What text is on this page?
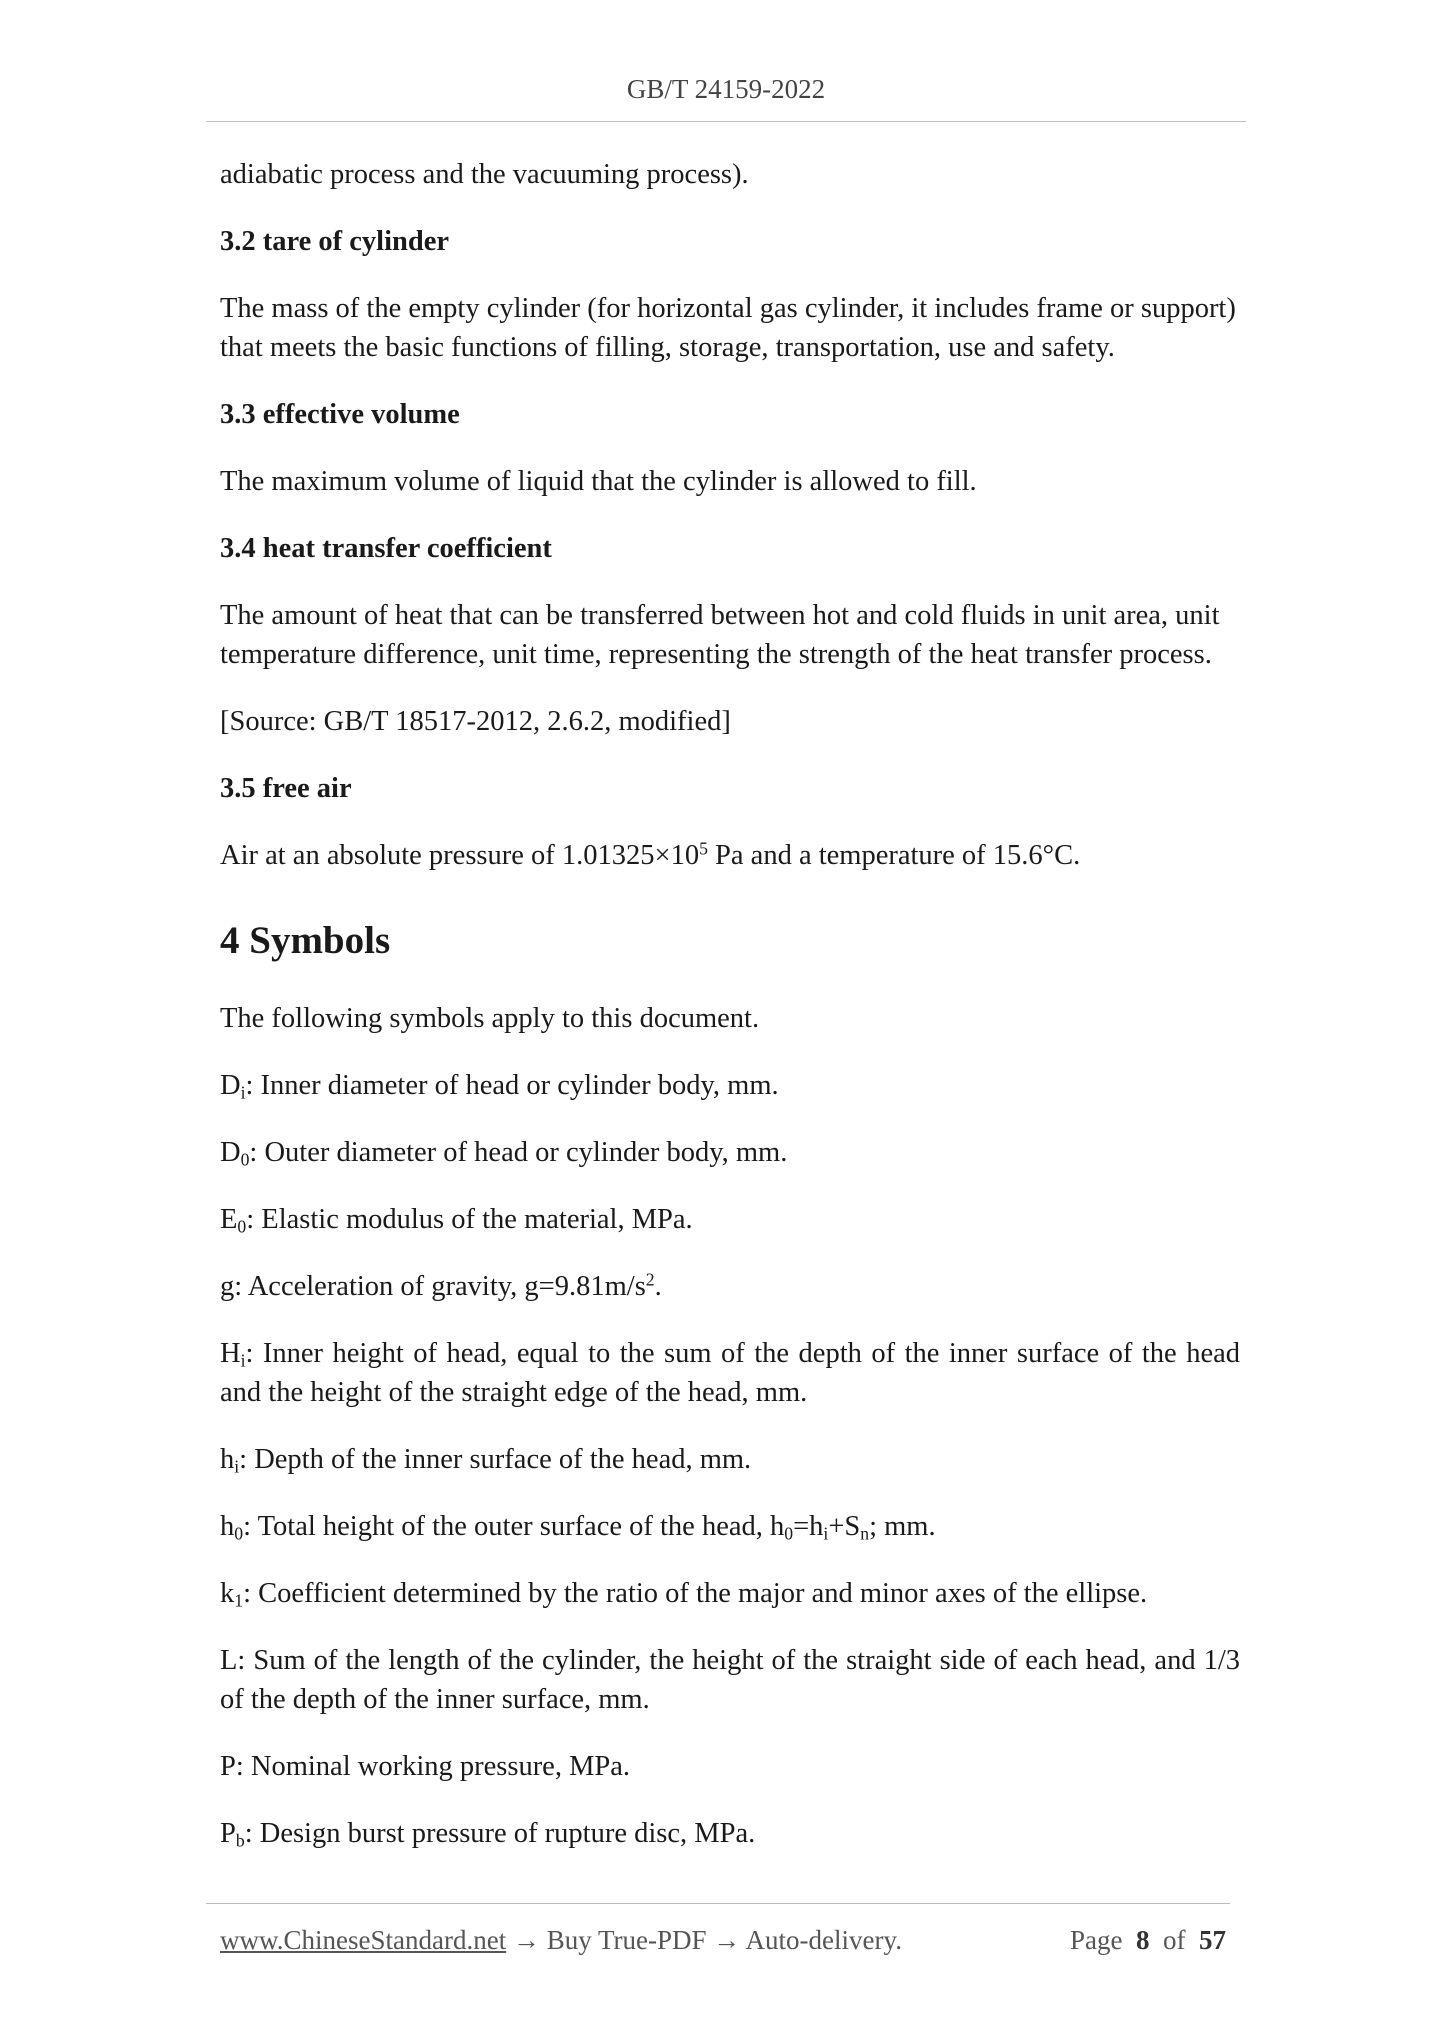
GB/T 24159-2022

adiabatic process and the vacuuming process).

3.2 tare of cylinder

The mass of the empty cylinder (for horizontal gas cylinder, it includes frame or support) that meets the basic functions of filling, storage, transportation, use and safety.

3.3 effective volume

The maximum volume of liquid that the cylinder is allowed to fill.

3.4 heat transfer coefficient

The amount of heat that can be transferred between hot and cold fluids in unit area, unit temperature difference, unit time, representing the strength of the heat transfer process.

[Source: GB/T 18517-2012, 2.6.2, modified]

3.5 free air

Air at an absolute pressure of $1.01325\times 10^5$ Pa and a temperature of 15.6°C.

4 Symbols

The following symbols apply to this document.

$D_i$: Inner diameter of head or cylinder body, mm.

$D_0$: Outer diameter of head or cylinder body, mm.

$E_0$: Elastic modulus of the material, MPa.

g: Acceleration of gravity, $g=9.81m/s^2$.

$H_i$: Inner height of head, equal to the sum of the depth of the inner surface of the head and the height of the straight edge of the head, mm.

$h_i$: Depth of the inner surface of the head, mm.

$h_0$: Total height of the outer surface of the head, $h_0=h_i+S_n$; mm.

$k_1$: Coefficient determined by the ratio of the major and minor axes of the ellipse.

L: Sum of the length of the cylinder, the height of the straight side of each head, and 1/3 of the depth of the inner surface, mm.

P: Nominal working pressure, MPa.

$P_b$: Design burst pressure of rupture disc, MPa.

www.ChineseStandard.net → Buy True-PDF → Auto-delivery.	Page 8 of 57
